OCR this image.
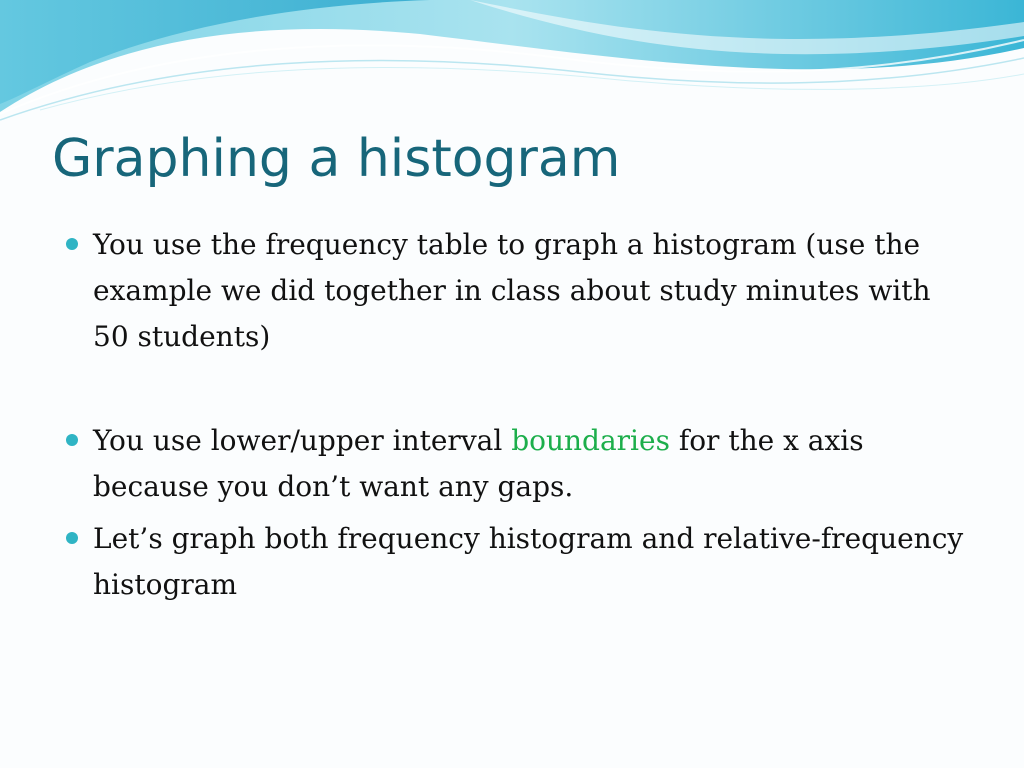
Graphing a histogram
You use the frequency table to graph a histogram (use the example we did together in class about study minutes with 50 students)
You use lower/upper interval boundaries for the x axis because you don’t want any gaps.
Let’s graph both frequency histogram and relative-frequency histogram
